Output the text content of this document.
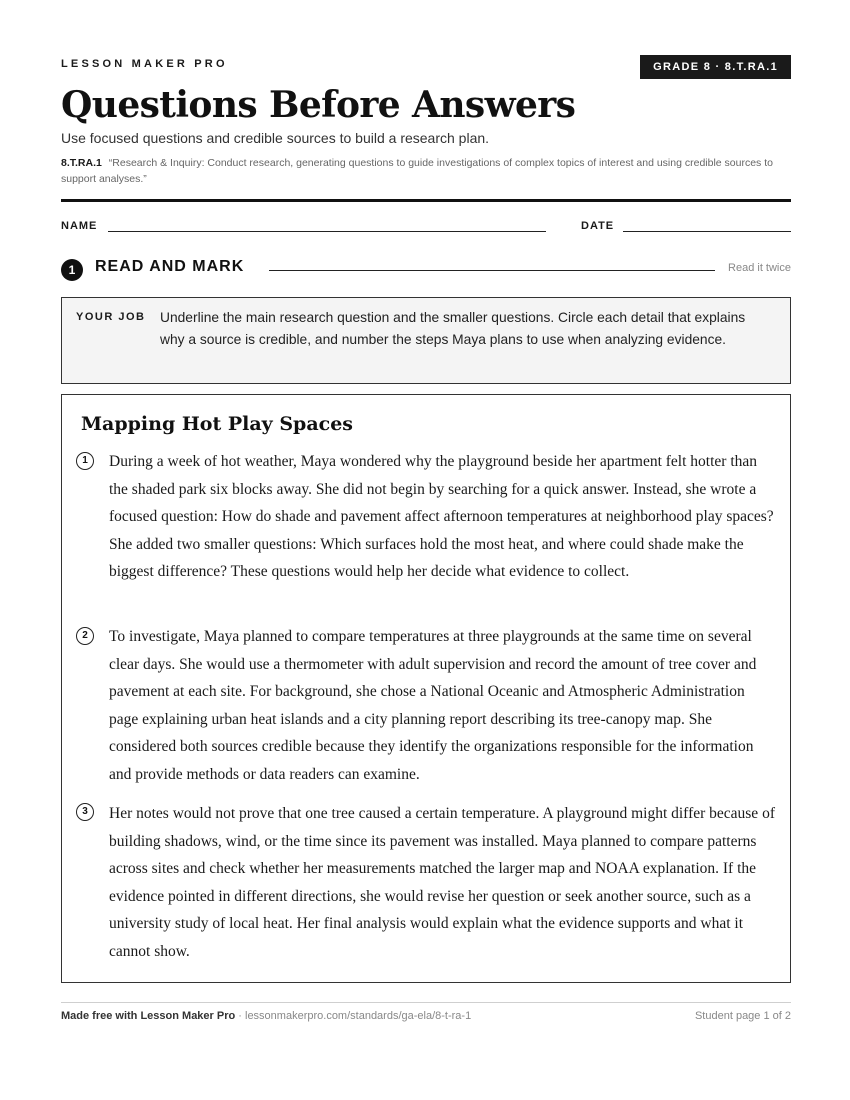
LESSON MAKER PRO	GRADE 8 · 8.T.RA.1
Questions Before Answers
Use focused questions and credible sources to build a research plan.
8.T.RA.1 “Research & Inquiry: Conduct research, generating questions to guide investigations of complex topics of interest and using credible sources to support analyses.”
NAME	DATE
1	READ AND MARK	Read it twice
YOUR JOB Underline the main research question and the smaller questions. Circle each detail that explains why a source is credible, and number the steps Maya plans to use when analyzing evidence.
Mapping Hot Play Spaces
1	During a week of hot weather, Maya wondered why the playground beside her apartment felt hotter than the shaded park six blocks away. She did not begin by searching for a quick answer. Instead, she wrote a focused question: How do shade and pavement affect afternoon temperatures at neighborhood play spaces? She added two smaller questions: Which surfaces hold the most heat, and where could shade make the biggest difference? These questions would help her decide what evidence to collect.

2	To investigate, Maya planned to compare temperatures at three playgrounds at the same time on several clear days. She would use a thermometer with adult supervision and record the amount of tree cover and pavement at each site. For background, she chose a National Oceanic and Atmospheric Administration page explaining urban heat islands and a city planning report describing its tree-canopy map. She considered both sources credible because they identify the organizations responsible for the information and provide methods or data readers can examine.

3	Her notes would not prove that one tree caused a certain temperature. A playground might differ because of building shadows, wind, or the time since its pavement was installed. Maya planned to compare patterns across sites and check whether her measurements matched the larger map and NOAA explanation. If the evidence pointed in different directions, she would revise her question or seek another source, such as a university study of local heat. Her final analysis would explain what the evidence supports and what it cannot show.

Made free with Lesson Maker Pro · lessonmakerpro.com/standards/ga-ela/8-t-ra-1	Student page 1 of 2
